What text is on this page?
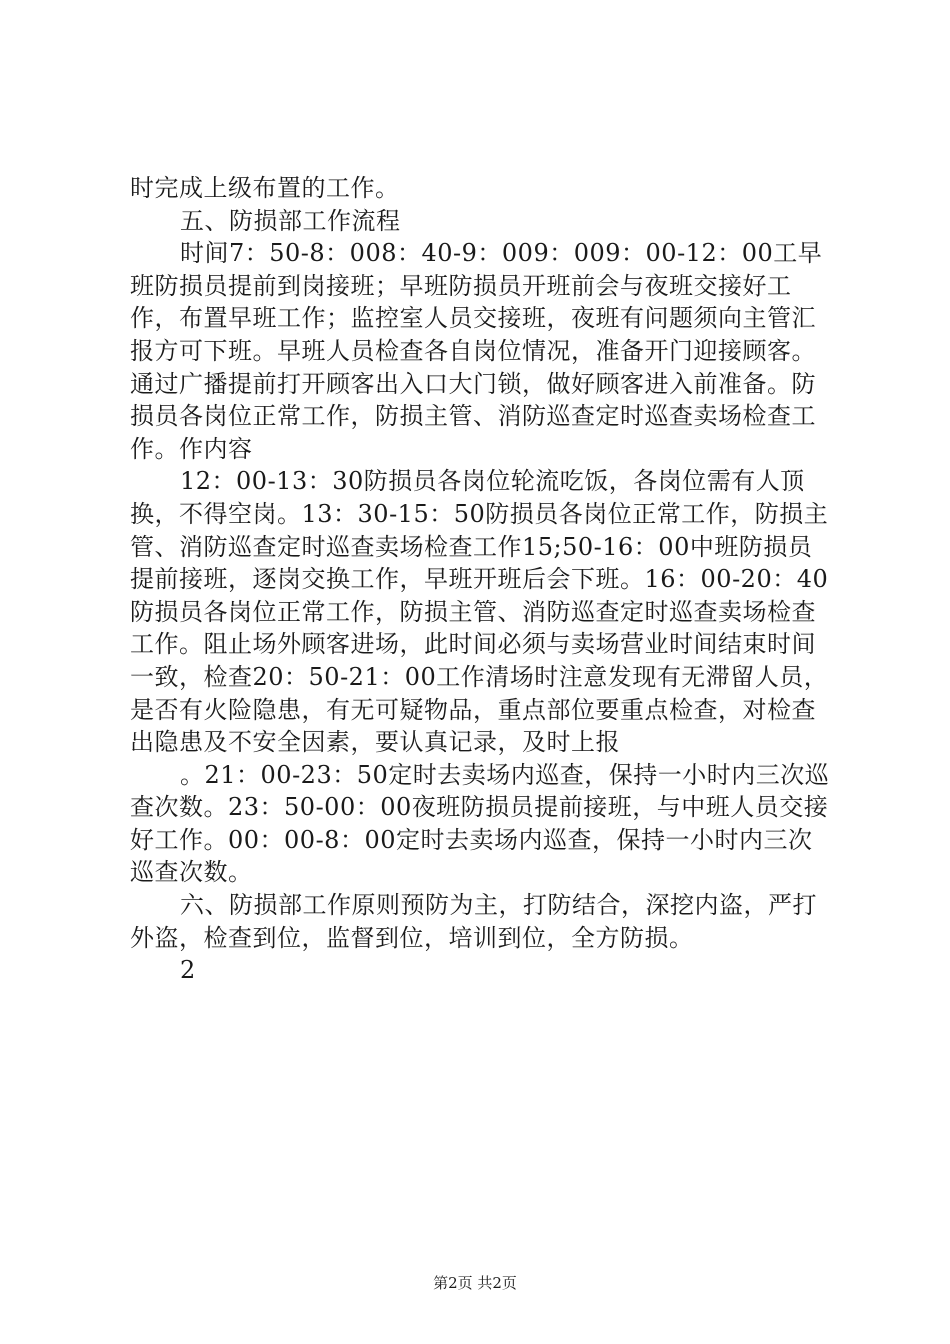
时完成上级布置的工作。

五、防损部工作流程

时间7：50-8：008：40-9：009：009：00-12：00工早班防损员提前到岗接班；早班防损员开班前会与夜班交接好工作，布置早班工作；监控室人员交接班，夜班有问题须向主管汇报方可下班。早班人员检查各自岗位情况，准备开门迎接顾客。通过广播提前打开顾客出入口大门锁，做好顾客进入前准备。防损员各岗位正常工作，防损主管、消防巡查定时巡查卖场检查工作。作内容

12：00-13：30防损员各岗位轮流吃饭，各岗位需有人顶换，不得空岗。13：30-15：50防损员各岗位正常工作，防损主管、消防巡查定时巡查卖场检查工作15;50-16：00中班防损员提前接班，逐岗交换工作，早班开班后会下班。16：00-20：40防损员各岗位正常工作，防损主管、消防巡查定时巡查卖场检查工作。阻止场外顾客进场，此时间必须与卖场营业时间结束时间一致，检查20：50-21：00工作清场时注意发现有无滞留人员，是否有火险隐患，有无可疑物品，重点部位要重点检查，对检查出隐患及不安全因素，要认真记录，及时上报

。21：00-23：50定时去卖场内巡查，保持一小时内三次巡查次数。23：50-00：00夜班防损员提前接班，与中班人员交接好工作。00：00-8：00定时去卖场内巡查，保持一小时内三次巡查次数。

六、防损部工作原则预防为主，打防结合，深挖内盗，严打外盗，检查到位，监督到位，培训到位，全方防损。

2

第2页 共2页
